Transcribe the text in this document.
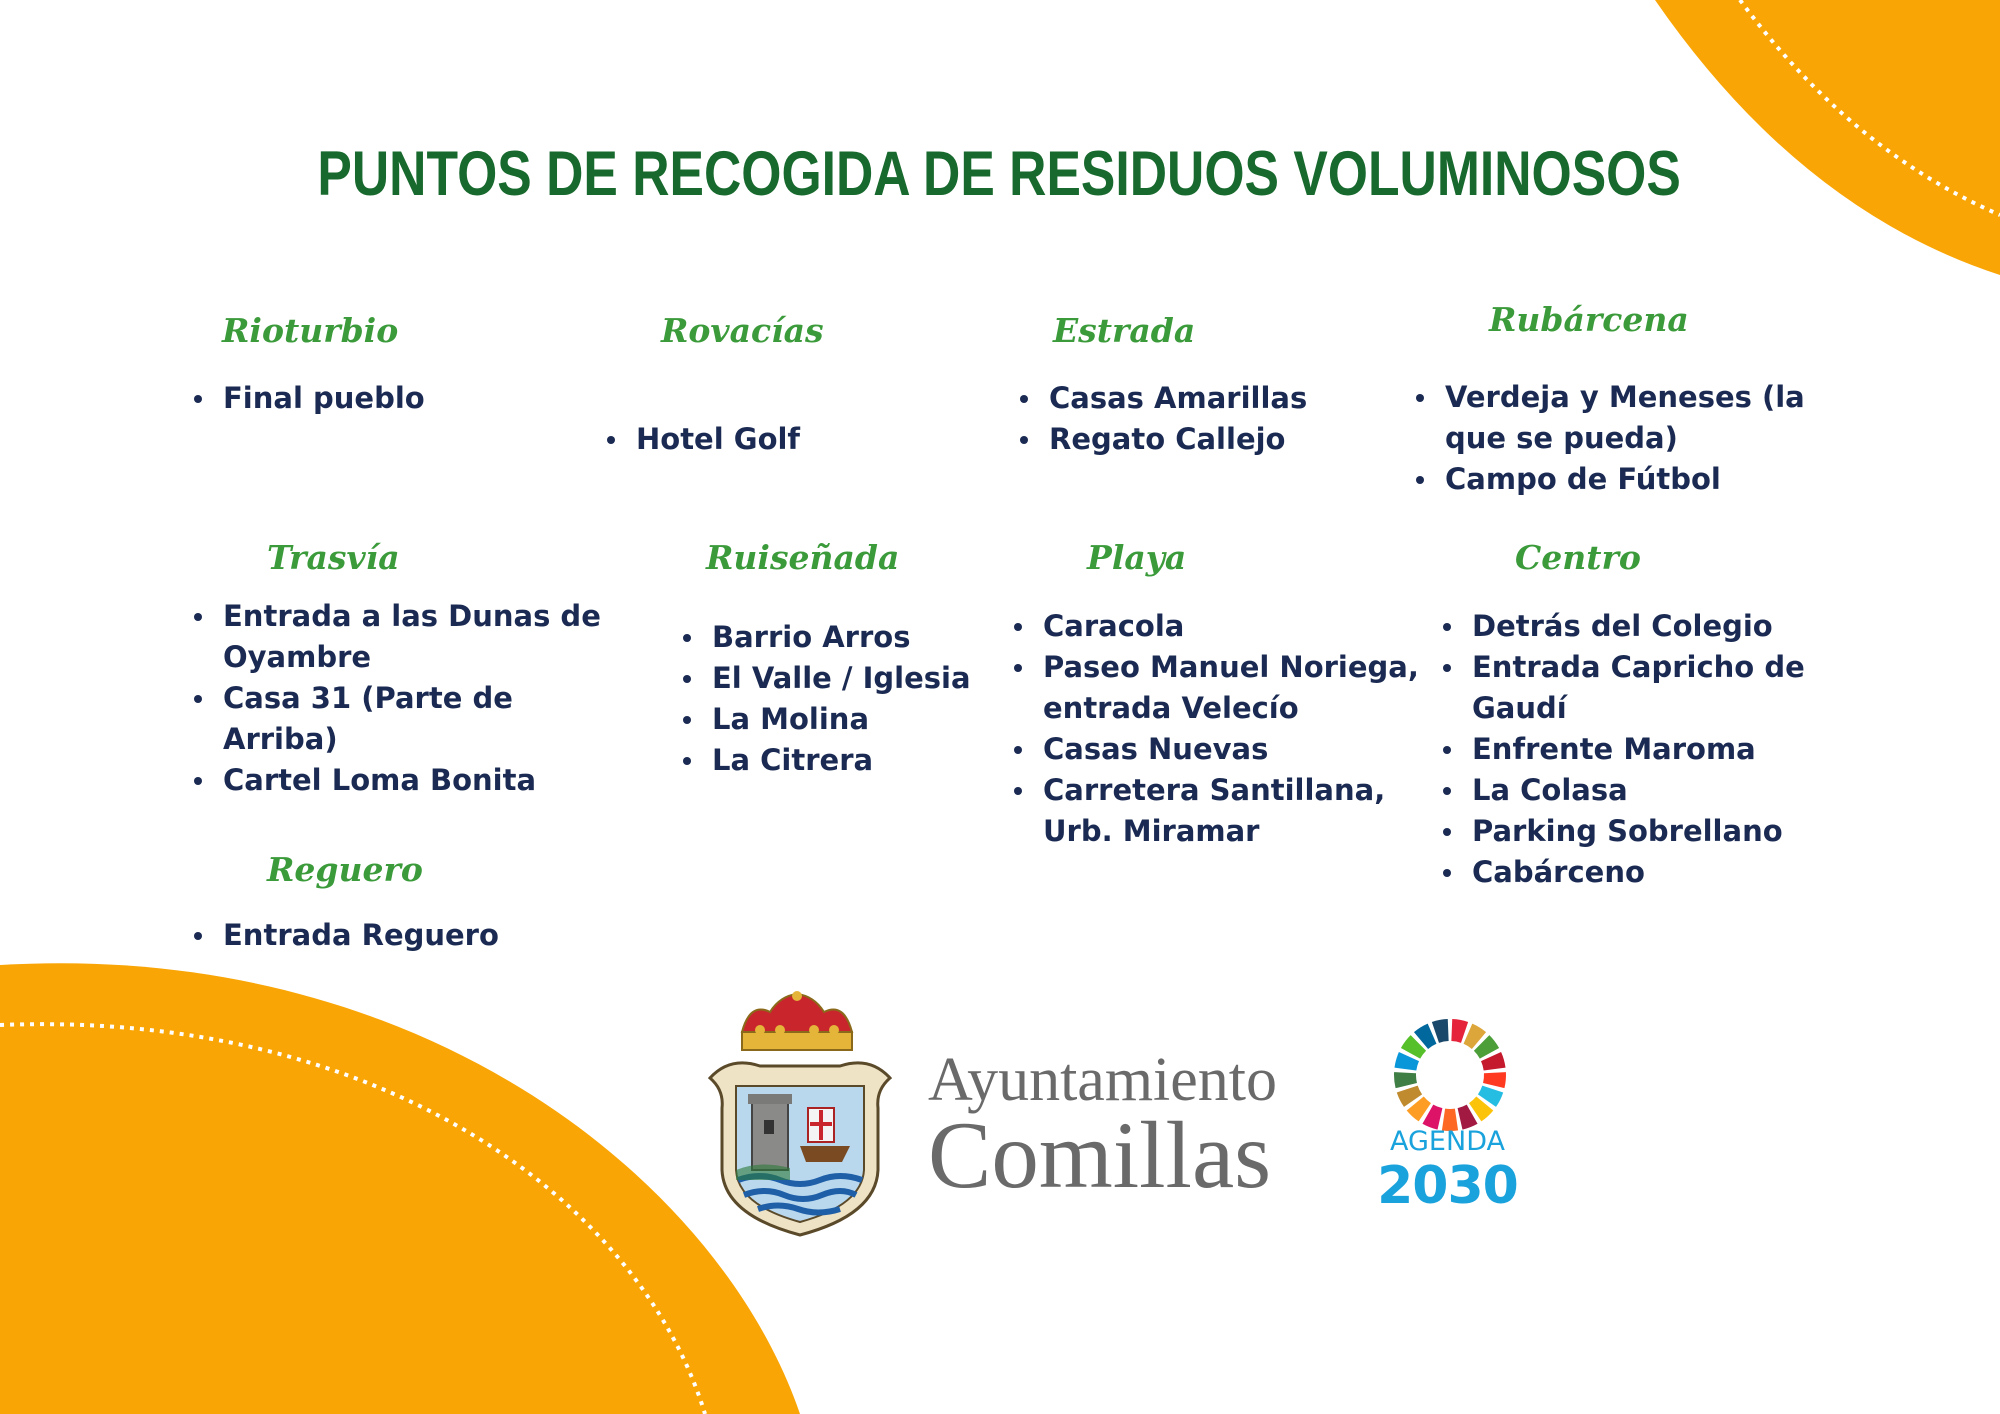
PUNTOS DE RECOGIDA DE RESIDUOS VOLUMINOSOS
Rioturbio
Final pueblo
Rovacías
Hotel Golf
Estrada
Casas Amarillas
Regato Callejo
Rubárcena
Verdeja y Meneses (la
que se pueda)
Campo de Fútbol
Trasvía
Entrada a las Dunas de
Oyambre
Casa 31 (Parte de
Arriba)
Cartel Loma Bonita
Ruiseñada
Barrio Arros
El Valle / Iglesia
La Molina
La Citrera
Playa
Caracola
Paseo Manuel Noriega,
entrada Velecío
Casas Nuevas
Carretera Santillana,
Urb. Miramar
Centro
Detrás del Colegio
Entrada Capricho de
Gaudí
Enfrente Maroma
La Colasa
Parking Sobrellano
Cabárceno
Reguero
Entrada Reguero

Ayuntamiento

Comillas	AGENDA

2030
